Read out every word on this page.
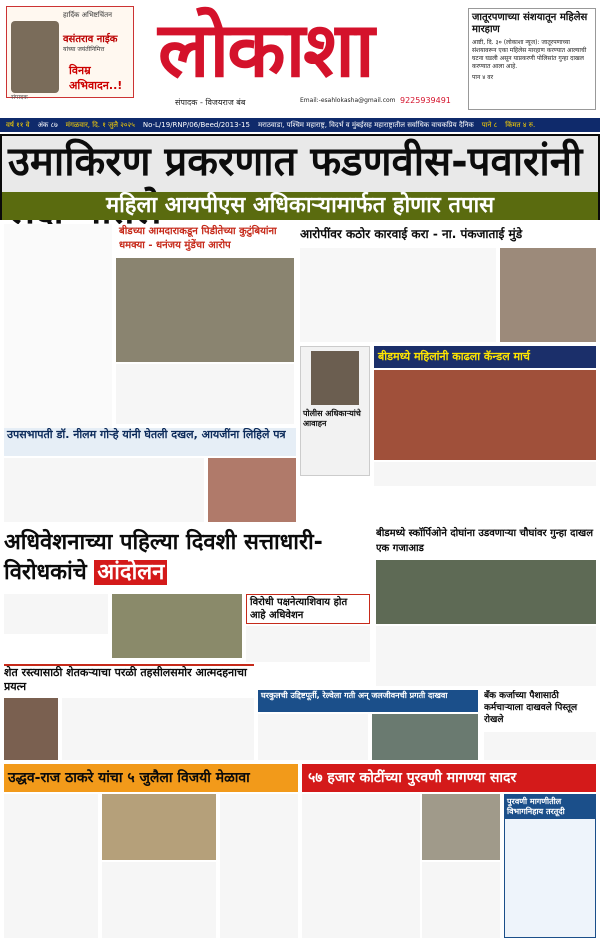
हार्दिक अभिष्टचिंतन
वसंतराव नाईक
यांच्या जयंतीनिमित्त
विनम्र अभिवादन..!
संपादक
लोकाशा
संपादक - विजयराज बंब	Email:-esahlokasha@gmail.com 9225939491
जातूरपणाच्या संशयातून महिलेस मारहाण
आष्टी, दि. ३० (लोकाशा न्यूज): जातूरपणाच्या संशयावरून एका महिलेस मारहाण करण्यात आल्याची घटना घडली असून याप्रकरणी पोलिसांत गुन्हा दाखल करण्यात आला आहे.
पान ४ वर
वर्ष ११ वे अंक ८७ मंगळवार, दि. १ जुलै २०२५ No-L/19/RNP/06/Beed/2013-15 मराठवाडा, पश्चिम महाराष्ट्र, विदर्भ व मुंबईसह महाराष्ट्रातील सर्वाधिक वाचकप्रिय दैनिक पाने ८ किंमत ४ रु.
उमाकिरण प्रकरणात फडणवीस-पवारांनी
महिला आयपीएस अधिकाऱ्यामार्फत होणार तपास
बीडच्या आमदाराकडून पिडीतेच्या कुटुंबियांना धमक्या - धनंजय मुंडेंचा आरोप
आरोपींवर कठोर कारवाई करा - ना. पंकजाताई मुंडे
पोलीस अधिकाऱ्यांचे आवाहन
बीडमध्ये महिलांनी काढला कॅन्डल मार्च
उपसभापती डॉ. नीलम गोऱ्हे यांनी घेतली दखल, आयजींना लिहिले पत्र
अधिवेशनाच्या पहिल्या दिवशी सत्ताधारी- विरोधकांचे आंदोलन
बीडमध्ये स्कॉर्पिओने दोघांना उडवणाऱ्या चौघांवर गुन्हा दाखल एक गजाआड
विरोधी पक्षनेत्याशिवाय होत आहे अधिवेशन
शेत रस्त्यासाठी शेतकऱ्याचा परळी तहसीलसमोर आत्मदहनाचा प्रयत्न
घरकुलची उद्दिष्टपूर्ती, रेल्वेला गती अन् जलजीवनची प्रगती दाखवा	बँक कर्जाच्या पैशासाठी कर्मचाऱ्याला दाखवले पिस्तूल रोखले
उद्धव-राज ठाकरे यांचा ५ जुलैला विजयी मेळावा	५७ हजार कोटींच्या पुरवणी मागण्या सादर
पुरवणी मागणीतील विभागनिहाय तरतूदी
